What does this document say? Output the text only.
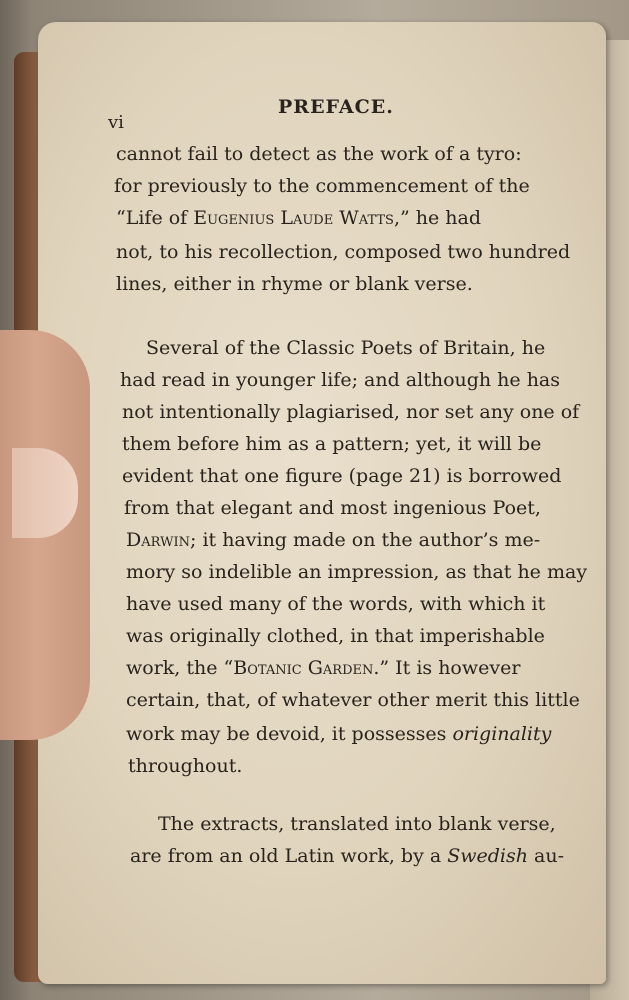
vi
PREFACE.
cannot fail to detect as the work of a tyro:
for previously to the commencement of the
“Life of Eugenius Laude Watts,” he had
not, to his recollection, composed two hundred
lines, either in rhyme or blank verse.
Several of the Classic Poets of Britain, he
had read in younger life; and although he has
not intentionally plagiarised, nor set any one of
them before him as a pattern; yet, it will be
evident that one figure (page 21) is borrowed
from that elegant and most ingenious Poet,
Darwin; it having made on the author’s me-
mory so indelible an impression, as that he may
have used many of the words, with which it
was originally clothed, in that imperishable
work, the “Botanic Garden.” It is however
certain, that, of whatever other merit this little
work may be devoid, it possesses originality
throughout.
The extracts, translated into blank verse,
are from an old Latin work, by a Swedish au-
